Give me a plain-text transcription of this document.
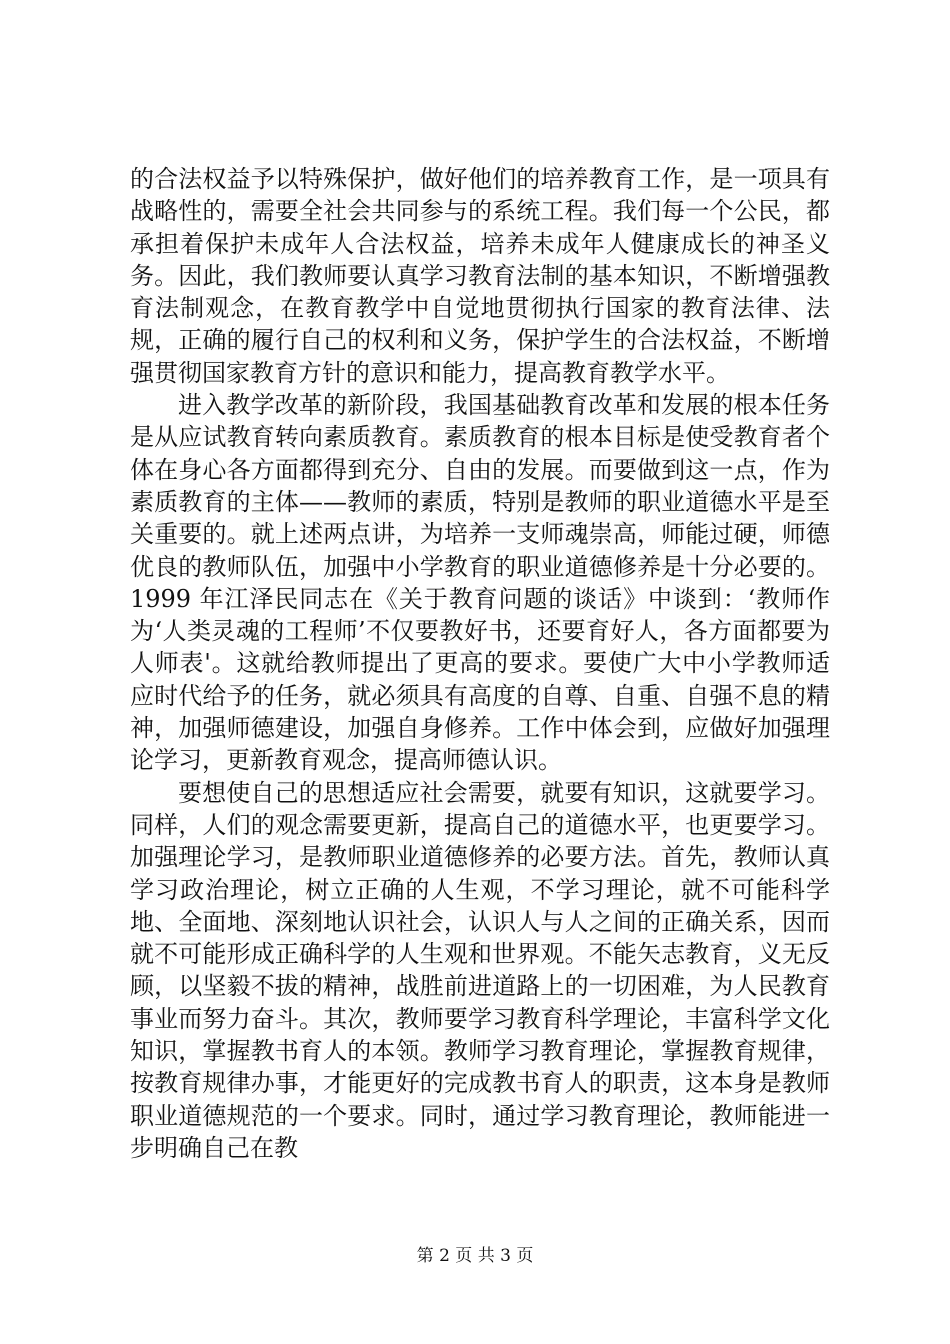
的合法权益予以特殊保护，做好他们的培养教育工作，是一项具有战略性的，需要全社会共同参与的系统工程。我们每一个公民，都承担着保护未成年人合法权益，培养未成年人健康成长的神圣义务。因此，我们教师要认真学习教育法制的基本知识，不断增强教育法制观念，在教育教学中自觉地贯彻执行国家的教育法律、法规，正确的履行自己的权利和义务，保护学生的合法权益，不断增强贯彻国家教育方针的意识和能力，提高教育教学水平。

进入教学改革的新阶段，我国基础教育改革和发展的根本任务是从应试教育转向素质教育。素质教育的根本目标是使受教育者个体在身心各方面都得到充分、自由的发展。而要做到这一点，作为素质教育的主体——教师的素质，特别是教师的职业道德水平是至关重要的。就上述两点讲，为培养一支师魂崇高，师能过硬，师德优良的教师队伍，加强中小学教育的职业道德修养是十分必要的。1999 年江泽民同志在《关于教育问题的谈话》中谈到：‘教师作为‘人类灵魂的工程师’不仅要教好书，还要育好人，各方面都要为人师表'。这就给教师提出了更高的要求。要使广大中小学教师适应时代给予的任务，就必须具有高度的自尊、自重、自强不息的精神，加强师德建设，加强自身修养。工作中体会到，应做好加强理论学习，更新教育观念，提高师德认识。

要想使自己的思想适应社会需要，就要有知识，这就要学习。同样，人们的观念需要更新，提高自己的道德水平，也更要学习。加强理论学习，是教师职业道德修养的必要方法。首先，教师认真学习政治理论，树立正确的人生观，不学习理论，就不可能科学地、全面地、深刻地认识社会，认识人与人之间的正确关系，因而就不可能形成正确科学的人生观和世界观。不能矢志教育，义无反顾，以坚毅不拔的精神，战胜前进道路上的一切困难，为人民教育事业而努力奋斗。其次，教师要学习教育科学理论，丰富科学文化知识，掌握教书育人的本领。教师学习教育理论，掌握教育规律，按教育规律办事，才能更好的完成教书育人的职责，这本身是教师职业道德规范的一个要求。同时，通过学习教育理论，教师能进一步明确自己在教

第 2 页 共 3 页
